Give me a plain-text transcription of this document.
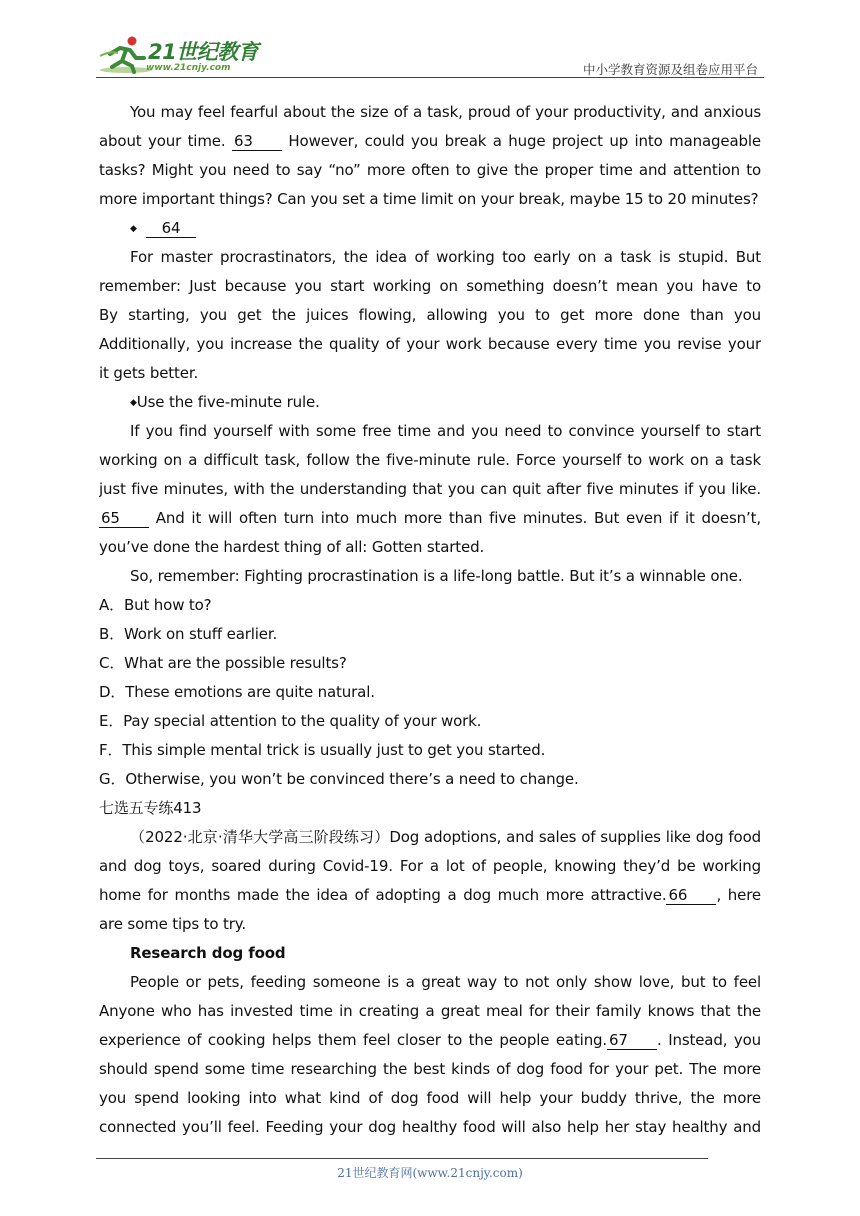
21世纪教育
www.21cnjy.com	中小学教育资源及组卷应用平台
You may feel fearful about the size of a task, proud of your productivity, and anxious
about your time. 63 However, could you break a huge project up into manageable
tasks? Might you need to say “no” more often to give the proper time and attention to
more important things? Can you set a time limit on your break, maybe 15 to 20 minutes?
◆ 64
For master procrastinators, the idea of working too early on a task is stupid. But
remember: Just because you start working on something doesn’t mean you have to
By starting, you get the juices flowing, allowing you to get more done than you
Additionally, you increase the quality of your work because every time you revise your
it gets better.
◆Use the five-minute rule.
If you find yourself with some free time and you need to convince yourself to start
working on a difficult task, follow the five-minute rule. Force yourself to work on a task
just five minutes, with the understanding that you can quit after five minutes if you like.
65 And it will often turn into much more than five minutes. But even if it doesn’t,
you’ve done the hardest thing of all: Gotten started.
So, remember: Fighting procrastination is a life-long battle. But it’s a winnable one.
A．But how to?
B．Work on stuff earlier.
C．What are the possible results?
D．These emotions are quite natural.
E．Pay special attention to the quality of your work.
F．This simple mental trick is usually just to get you started.
G．Otherwise, you won’t be convinced there’s a need to change.
七选五专练413
（2022·北京·清华大学高三阶段练习）Dog adoptions, and sales of supplies like dog food
and dog toys, soared during Covid-19. For a lot of people, knowing they’d be working
home for months made the idea of adopting a dog much more attractive. 66 , here
are some tips to try.
Research dog food
People or pets, feeding someone is a great way to not only show love, but to feel
Anyone who has invested time in creating a great meal for their family knows that the
experience of cooking helps them feel closer to the people eating. 67 . Instead, you
should spend some time researching the best kinds of dog food for your pet. The more
you spend looking into what kind of dog food will help your buddy thrive, the more
connected you’ll feel. Feeding your dog healthy food will also help her stay healthy and
21世纪教育网(www.21cnjy.com)
